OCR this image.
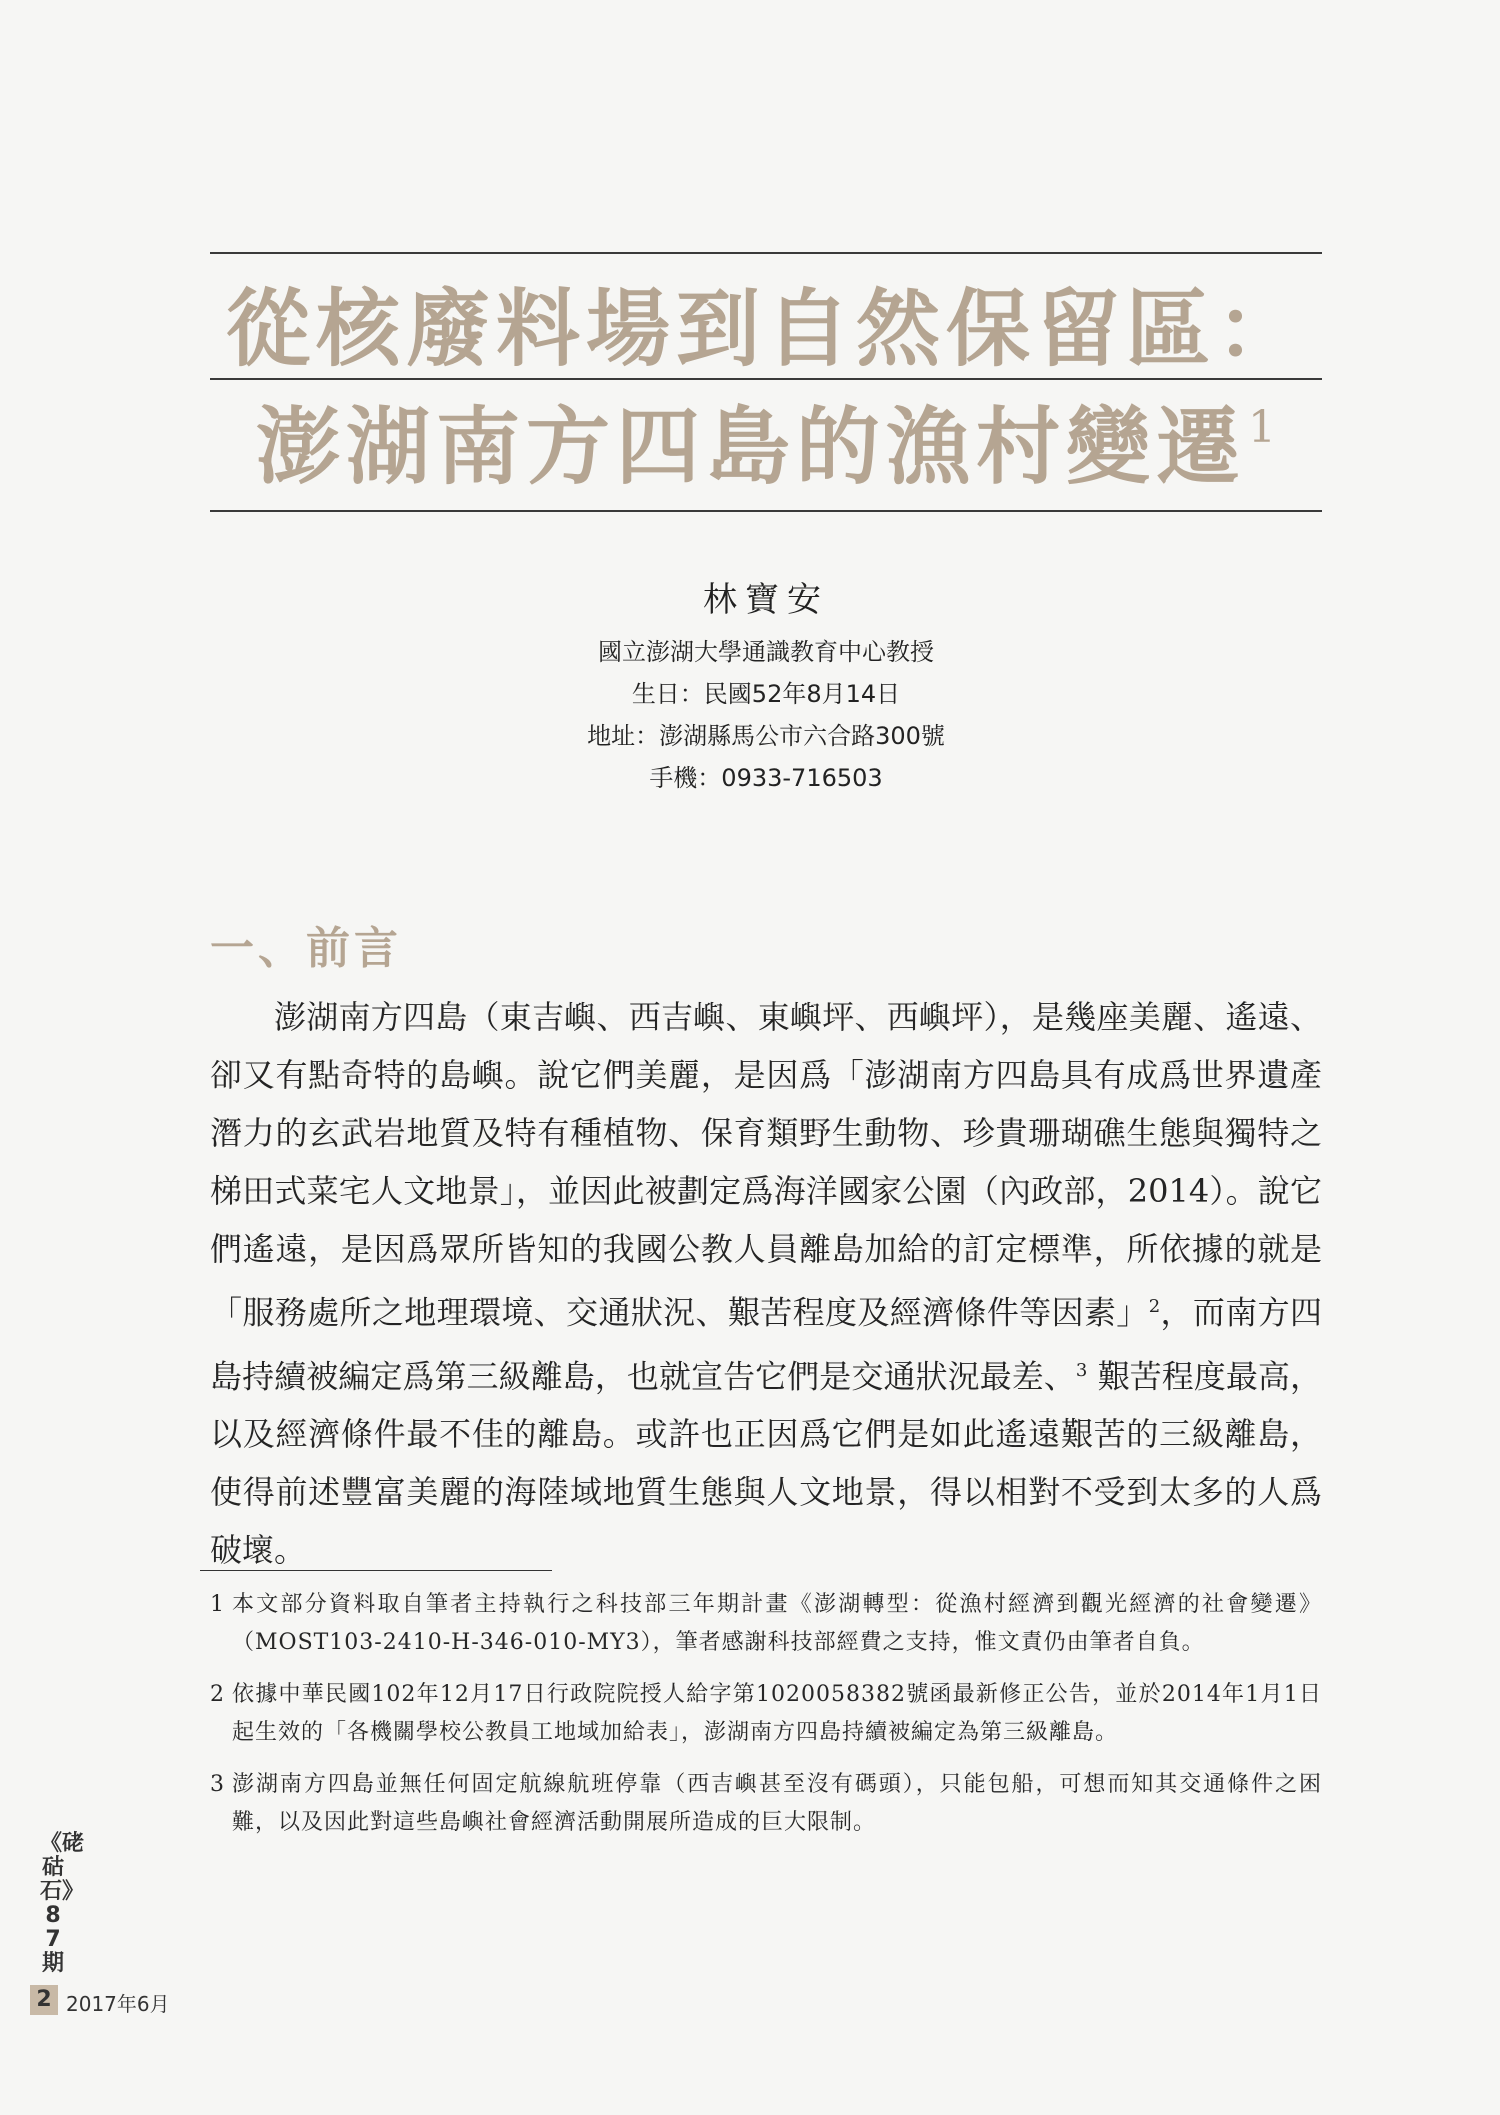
從核廢料場到自然保留區：
澎湖南方四島的漁村變遷$^1$
林寶安
國立澎湖大學通識教育中心教授
生日：民國52年8月14日
地址：澎湖縣馬公市六合路300號
手機：0933-716503
一、前言
澎湖南方四島（東吉嶼、西吉嶼、東嶼坪、西嶼坪），是幾座美麗、遙遠、卻又有點奇特的島嶼。說它們美麗，是因爲「澎湖南方四島具有成爲世界遺產潛力的玄武岩地質及特有種植物、保育類野生動物、珍貴珊瑚礁生態與獨特之梯田式菜宅人文地景」，並因此被劃定爲海洋國家公園（內政部，2014）。說它們遙遠，是因爲眾所皆知的我國公教人員離島加給的訂定標準，所依據的就是「服務處所之地理環境、交通狀況、艱苦程度及經濟條件等因素」$^2$，而南方四島持續被編定爲第三級離島，也就宣告它們是交通狀況最差、$^3$ 艱苦程度最高，以及經濟條件最不佳的離島。或許也正因爲它們是如此遙遠艱苦的三級離島，使得前述豐富美麗的海陸域地質生態與人文地景，得以相對不受到太多的人爲破壞。
1 本文部分資料取自筆者主持執行之科技部三年期計畫《澎湖轉型：從漁村經濟到觀光經濟的社會變遷》（MOST103-2410-H-346-010-MY3），筆者感謝科技部經費之支持，惟文責仍由筆者自負。
2 依據中華民國102年12月17日行政院院授人給字第1020058382號函最新修正公告，並於2014年1月1日起生效的「各機關學校公教員工地域加給表」，澎湖南方四島持續被編定為第三級離島。
3 澎湖南方四島並無任何固定航線航班停靠（西吉嶼甚至沒有碼頭），只能包船，可想而知其交通條件之困難，以及因此對這些島嶼社會經濟活動開展所造成的巨大限制。
《硓𥑮石》87期
2 2017年6月
